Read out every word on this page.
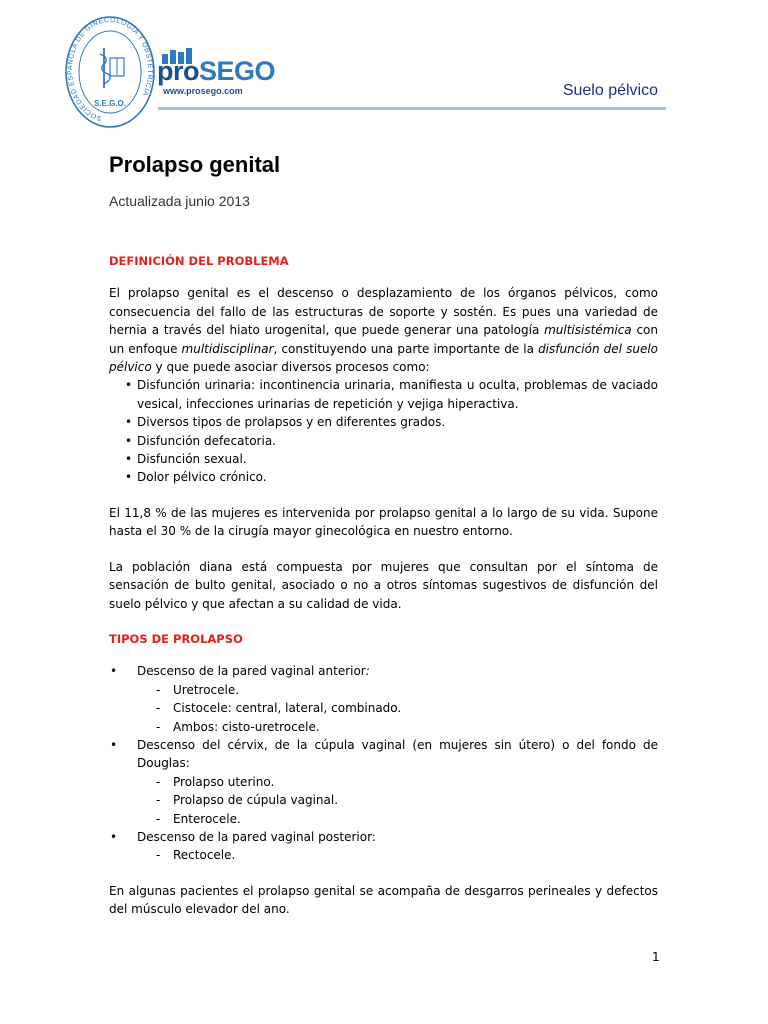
SOCIEDAD ESPAÑOLA DE GINECOLOGÍA Y OBSTETRICIA
S.E.G.O.
proSEGO
www.prosego.com	Suelo pélvico
Prolapso genital
Actualizada junio 2013
DEFINICIÓN DEL PROBLEMA

El prolapso genital es el descenso o desplazamiento de los órganos pélvicos, como consecuencia del fallo de las estructuras de soporte y sostén. Es pues una variedad de hernia a través del hiato urogenital, que puede generar una patología multisistémica con un enfoque multidisciplinar, constituyendo una parte importante de la disfunción del suelo pélvico y que puede asociar diversos procesos como:

• Disfunción urinaria: incontinencia urinaria, manifiesta u oculta, problemas de vaciado vesical, infecciones urinarias de repetición y vejiga hiperactiva.
• Diversos tipos de prolapsos y en diferentes grados.
• Disfunción defecatoria.
• Disfunción sexual.
• Dolor pélvico crónico.

El 11,8 % de las mujeres es intervenida por prolapso genital a lo largo de su vida. Supone hasta el 30 % de la cirugía mayor ginecológica en nuestro entorno.

La población diana está compuesta por mujeres que consultan por el síntoma de sensación de bulto genital, asociado o no a otros síntomas sugestivos de disfunción del suelo pélvico y que afectan a su calidad de vida.

TIPOS DE PROLAPSO
• Descenso de la pared vaginal anterior:
- Uretrocele.
- Cistocele: central, lateral, combinado.
- Ambos: cisto-uretrocele.
• Descenso del cérvix, de la cúpula vaginal (en mujeres sin útero) o del fondo de Douglas:
- Prolapso uterino.
- Prolapso de cúpula vaginal.
- Enterocele.
• Descenso de la pared vaginal posterior:
- Rectocele.

En algunas pacientes el prolapso genital se acompaña de desgarros perineales y defectos del músculo elevador del ano.

1
